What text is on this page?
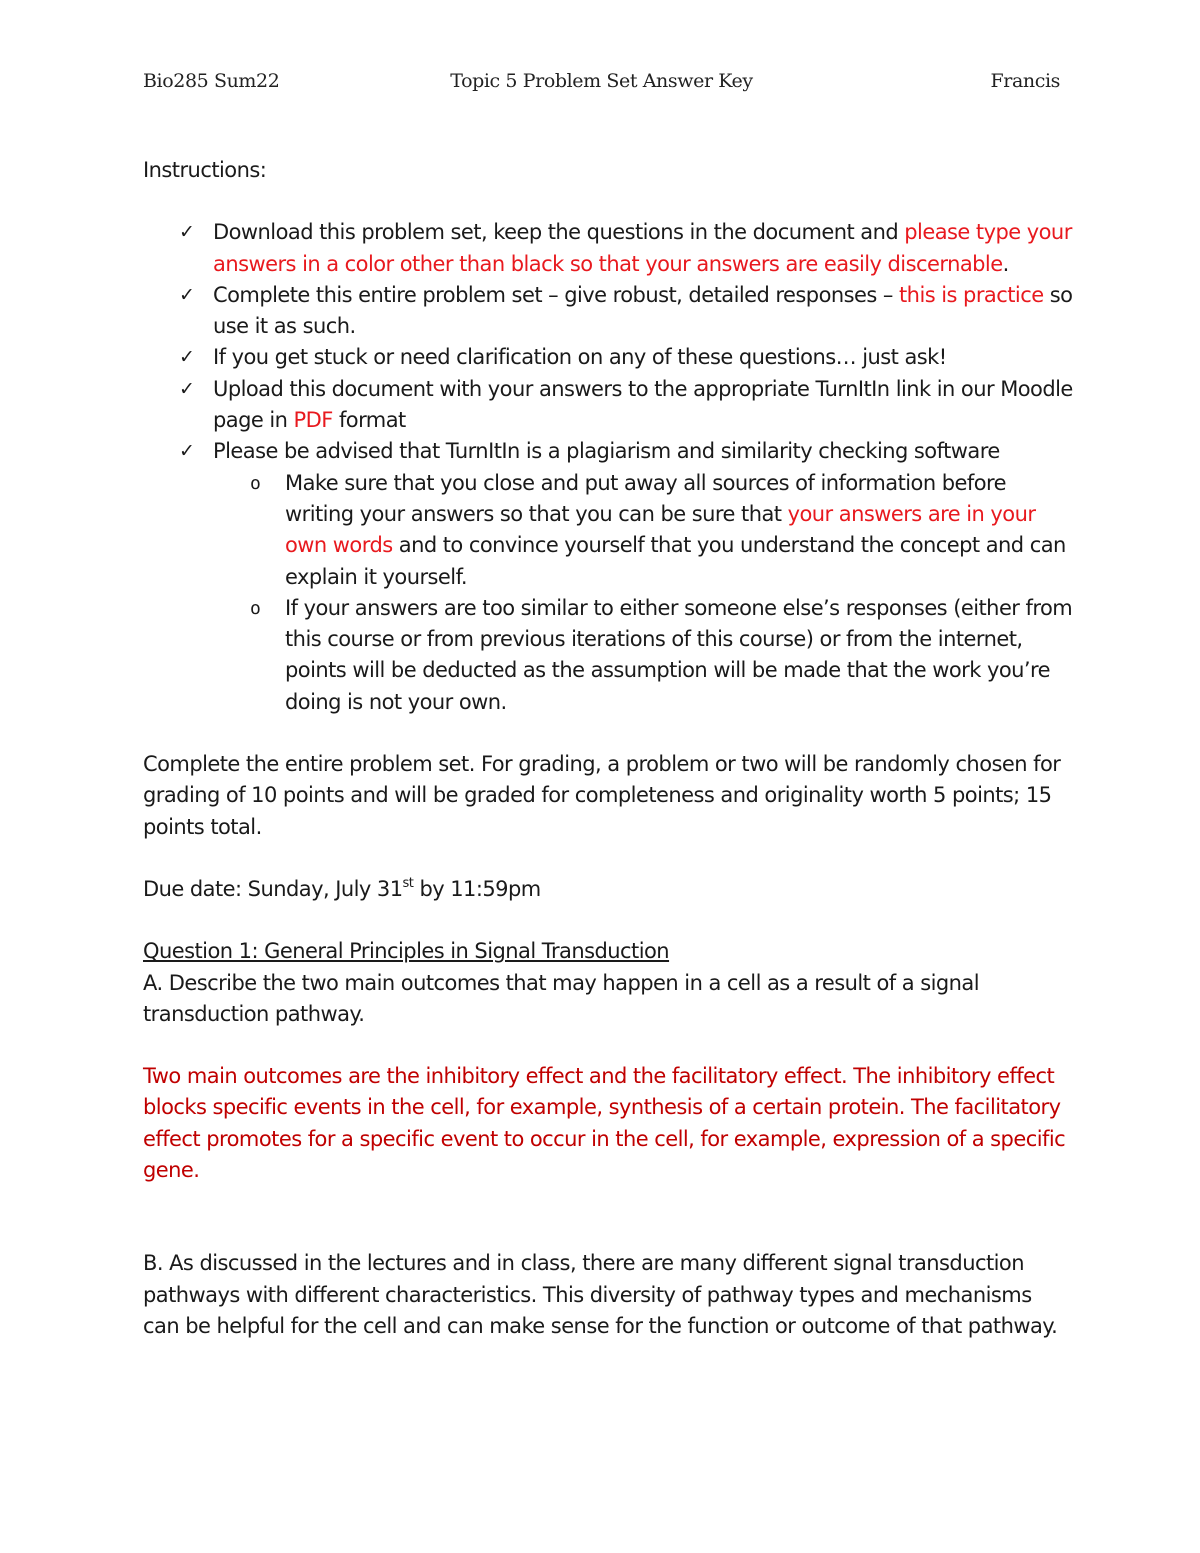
Bio285 Sum22	Topic 5 Problem Set Answer Key	Francis

Instructions:

✓ Download this problem set, keep the questions in the document and please type your answers in a color other than black so that your answers are easily discernable.
✓ Complete this entire problem set – give robust, detailed responses – this is practice so use it as such.
✓ If you get stuck or need clarification on any of these questions… just ask!
✓ Upload this document with your answers to the appropriate TurnItIn link in our Moodle page in PDF format
✓ Please be advised that TurnItIn is a plagiarism and similarity checking software
o Make sure that you close and put away all sources of information before writing your answers so that you can be sure that your answers are in your own words and to convince yourself that you understand the concept and can explain it yourself.
o If your answers are too similar to either someone else’s responses (either from this course or from previous iterations of this course) or from the internet, points will be deducted as the assumption will be made that the work you’re doing is not your own.

Complete the entire problem set. For grading, a problem or two will be randomly chosen for grading of 10 points and will be graded for completeness and originality worth 5 points; 15 points total.

Due date: Sunday, July 31st by 11:59pm

Question 1: General Principles in Signal Transduction

A. Describe the two main outcomes that may happen in a cell as a result of a signal transduction pathway.

Two main outcomes are the inhibitory effect and the facilitatory effect. The inhibitory effect blocks specific events in the cell, for example, synthesis of a certain protein. The facilitatory effect promotes for a specific event to occur in the cell, for example, expression of a specific gene.

B. As discussed in the lectures and in class, there are many different signal transduction pathways with different characteristics. This diversity of pathway types and mechanisms can be helpful for the cell and can make sense for the function or outcome of that pathway.
